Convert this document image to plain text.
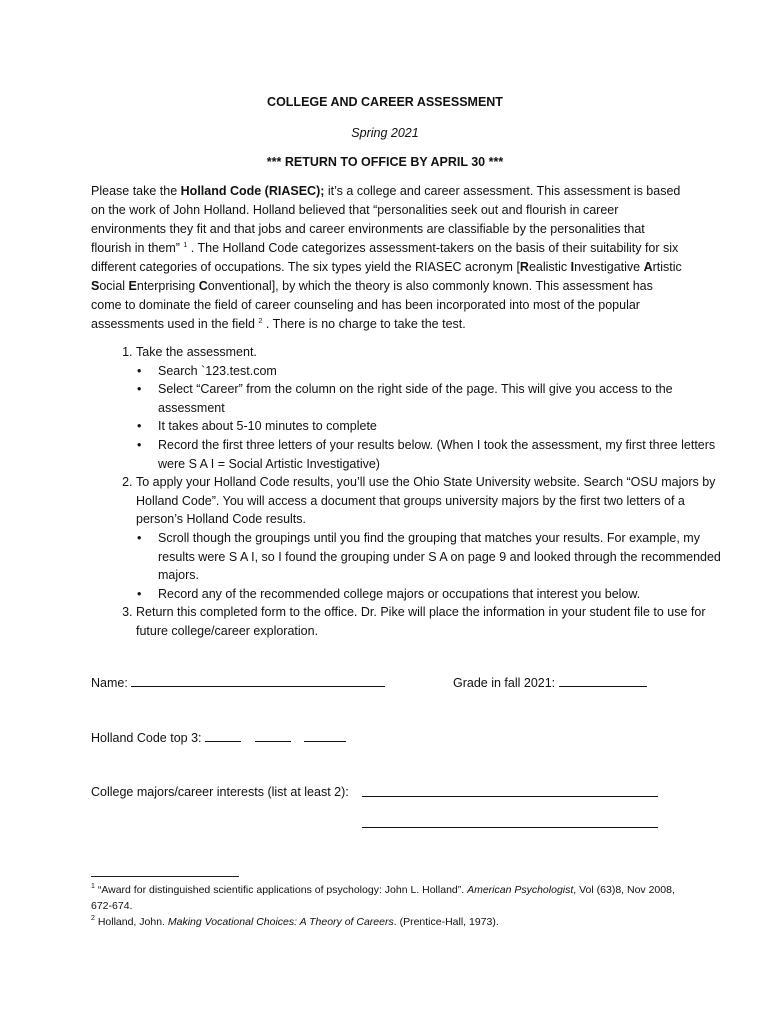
COLLEGE AND CAREER ASSESSMENT
Spring 2021
*** RETURN TO OFFICE BY APRIL 30 ***
Please take the Holland Code (RIASEC); it’s a college and career assessment. This assessment is based on the work of John Holland. Holland believed that “personalities seek out and flourish in career environments they fit and that jobs and career environments are classifiable by the personalities that flourish in them” $^1$ . The Holland Code categorizes assessment-takers on the basis of their suitability for six different categories of occupations. The six types yield the RIASEC acronym [Realistic Investigative Artistic Social Enterprising Conventional], by which the theory is also commonly known. This assessment has come to dominate the field of career counseling and has been incorporated into most of the popular assessments used in the field $^2$ . There is no charge to take the test.
1. Take the assessment.
• Search `123.test.com
• Select “Career” from the column on the right side of the page. This will give you access to the assessment
• It takes about 5-10 minutes to complete
• Record the first three letters of your results below. (When I took the assessment, my first three letters were S A I = Social Artistic Investigative)
2. To apply your Holland Code results, you’ll use the Ohio State University website. Search “OSU majors by Holland Code”. You will access a document that groups university majors by the first two letters of a person’s Holland Code results.
• Scroll though the groupings until you find the grouping that matches your results. For example, my results were S A I, so I found the grouping under S A on page 9 and looked through the recommended majors.
• Record any of the recommended college majors or occupations that interest you below.
3. Return this completed form to the office. Dr. Pike will place the information in your student file to use for future college/career exploration.
Name:	Grade in fall 2021:
Holland Code top 3:
College majors/career interests (list at least 2):
$^1$ “Award for distinguished scientific applications of psychology: John L. Holland”. American Psychologist, Vol (63)8, Nov 2008, 672-674.
$^2$ Holland, John. Making Vocational Choices: A Theory of Careers. (Prentice-Hall, 1973).
